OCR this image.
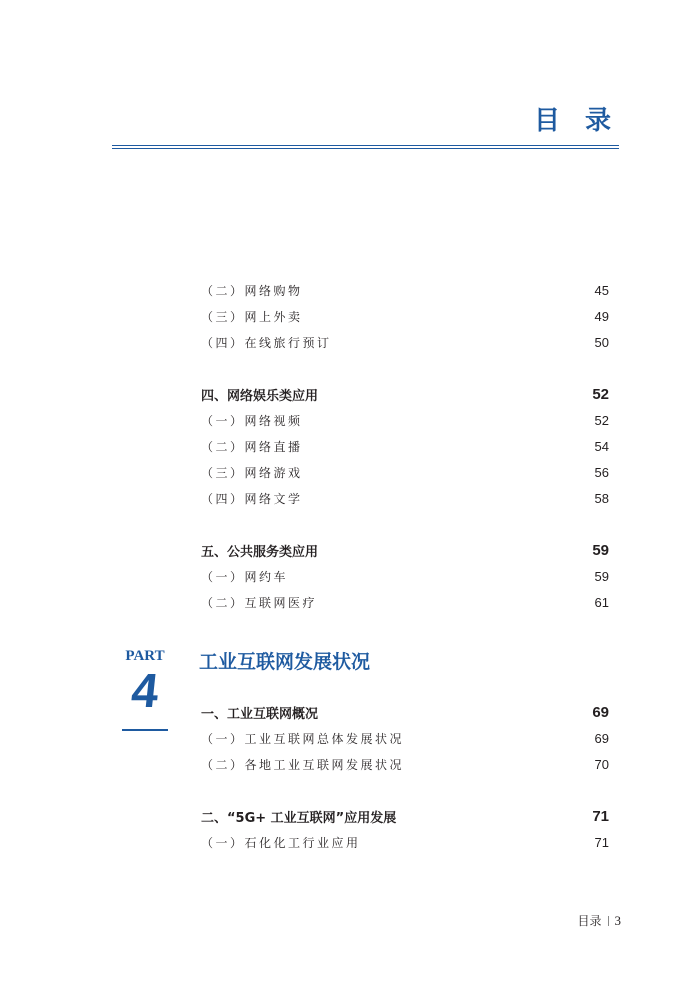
目 录
（二）网络购物	45
（三）网上外卖	49
（四）在线旅行预订	50
四、网络娱乐类应用	52
（一）网络视频	52
（二）网络直播	54
（三）网络游戏	56
（四）网络文学	58
五、公共服务类应用	59
（一）网约车	59
（二）互联网医疗	61
PART
4
工业互联网发展状况
一、工业互联网概况	69
（一）工业互联网总体发展状况	69
（二）各地工业互联网发展状况	70
二、“5G+ 工业互联网”应用发展	71
（一）石化化工行业应用	71
目录 3
